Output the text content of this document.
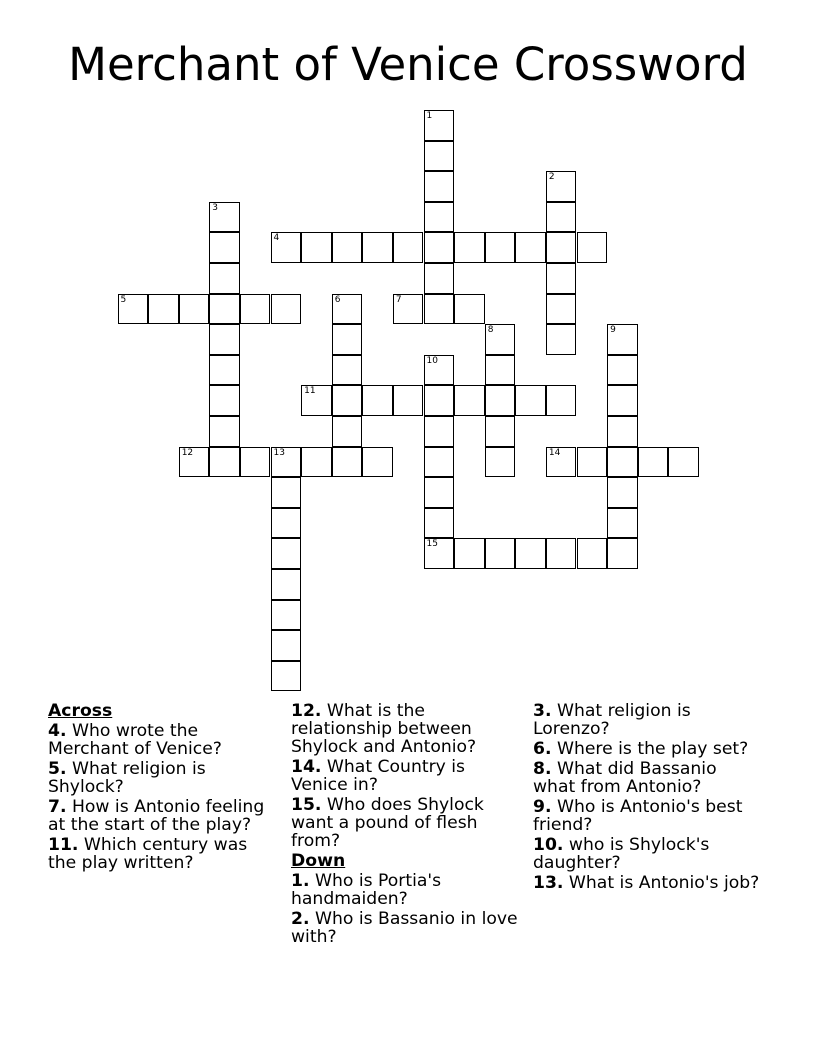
Merchant of Venice Crossword
1
2
3
4
5	6	7
8	9
10
15
11
12	13	14
Across
4. Who wrote the Merchant of Venice?
5. What religion is Shylock?
7. How is Antonio feeling at the start of the play?
11. Which century was the play written?
12. What is the relationship between Shylock and Antonio?
14. What Country is Venice in?
15. Who does Shylock want a pound of flesh from?
Down
1. Who is Portia's handmaiden?
2. Who is Bassanio in love with?
3. What religion is Lorenzo?
6. Where is the play set?
8. What did Bassanio what from Antonio?
9. Who is Antonio's best friend?
10. who is Shylock's daughter?
13. What is Antonio's job?
